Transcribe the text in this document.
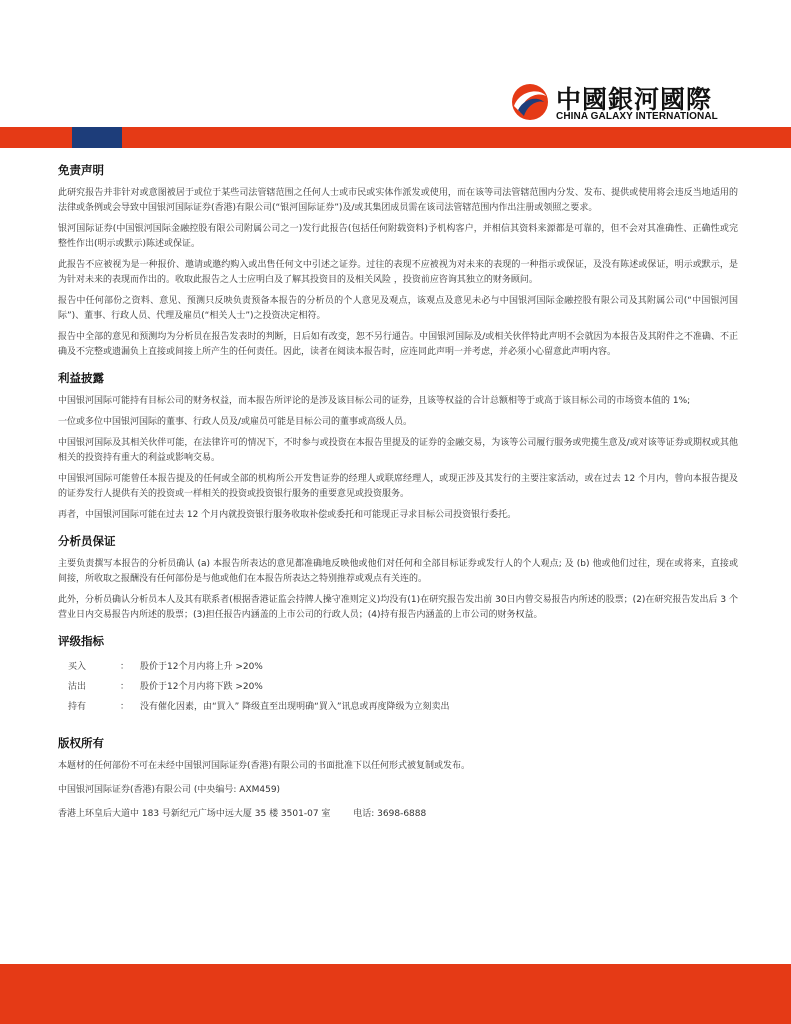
中國銀河國際
CHINA GALAXY INTERNATIONAL
免责声明

此研究报告并非针对或意图被居于或位于某些司法管辖范围之任何人士或市民或实体作派发或使用，而在该等司法管辖范围内分发、发布、提供或使用将会违反当地适用的法律或条例或会导致中国银河国际证券(香港)有限公司(“银河国际证券”)及/或其集团成员需在该司法管辖范围内作出注册或领照之要求。

银河国际证券(中国银河国际金融控股有限公司附属公司之一)发行此报告(包括任何附载资料)予机构客户，并相信其资料来源都是可靠的，但不会对其准确性、正确性或完整性作出(明示或默示)陈述或保证。

此报告不应被视为是一种报价、邀请或邀约购入或出售任何文中引述之证券。过往的表现不应被视为对未来的表现的一种指示或保证，及没有陈述或保证，明示或默示，是为针对未来的表现而作出的。收取此报告之人士应明白及了解其投资目的及相关风险 ，投资前应咨询其独立的财务顾问。

报告中任何部份之资料、意见、预测只反映负责预备本报告的分析员的个人意见及观点，该观点及意见未必与中国银河国际金融控股有限公司及其附属公司(“中国银河国际”)、董事、行政人员、代理及雇员(“相关人士”)之投资决定相符。

报告中全部的意见和预测均为分析员在报告发表时的判断，日后如有改变，恕不另行通告。中国银河国际及/或相关伙伴特此声明不会就因为本报告及其附件之不准确、不正确及不完整或遗漏负上直接或间接上所产生的任何责任。因此，读者在阅读本报告时，应连同此声明一并考虑，并必须小心留意此声明内容。

利益披露

中国银河国际可能持有目标公司的财务权益，而本报告所评论的是涉及该目标公司的证券，且该等权益的合计总额相等于或高于该目标公司的市场资本值的 1%;

一位或多位中国银河国际的董事、行政人员及/或雇员可能是目标公司的董事或高级人员。

中国银河国际及其相关伙伴可能，在法律许可的情况下，不时参与或投资在本报告里提及的证券的金融交易，为该等公司履行服务或兜揽生意及/或对该等证券或期权或其他相关的投资持有重大的利益或影响交易。

中国银河国际可能曾任本报告提及的任何或全部的机构所公开发售证券的经理人或联席经理人，或现正涉及其发行的主要注家活动，或在过去 12 个月内，曾向本报告提及的证券发行人提供有关的投资或一样相关的投资或投资银行服务的重要意见或投资服务。

再者，中国银河国际可能在过去 12 个月内就投资银行服务收取补偿或委托和可能现正寻求目标公司投资银行委托。

分析员保证

主要负责撰写本报告的分析员确认 (a) 本报告所表达的意见都准确地反映他或他们对任何和全部目标证券或发行人的个人观点; 及 (b) 他或他们过往，现在或将来，直接或间接，所收取之报酬没有任何部份是与他或他们在本报告所表达之特别推荐或观点有关连的。

此外，分析员确认分析员本人及其有联系者(根据香港证监会持牌人操守准则定义)均没有(1)在研究报告发出前 30日内曾交易报告内所述的股票；(2)在研究报告发出后 3 个营业日内交易报告内所述的股票；(3)担任报告内涵盖的上市公司的行政人员；(4)持有报告内涵盖的上市公司的财务权益。

评级指标
买入	：	股价于12个月内将上升 >20%
沽出	：	股价于12个月内将下跌 >20%
持有	：	没有催化因素，由“買入” 降级直至出现明确“買入”讯息或再度降级为立刻卖出
版权所有
本题材的任何部份不可在未经中国银河国际证券(香港)有限公司的书面批准下以任何形式被复制或发布。
中国银河国际证券(香港)有限公司 (中央编号: AXM459)
香港上环皇后大道中 183 号新纪元广场中远大厦 35 楼 3501-07 室        电话: 3698-6888
